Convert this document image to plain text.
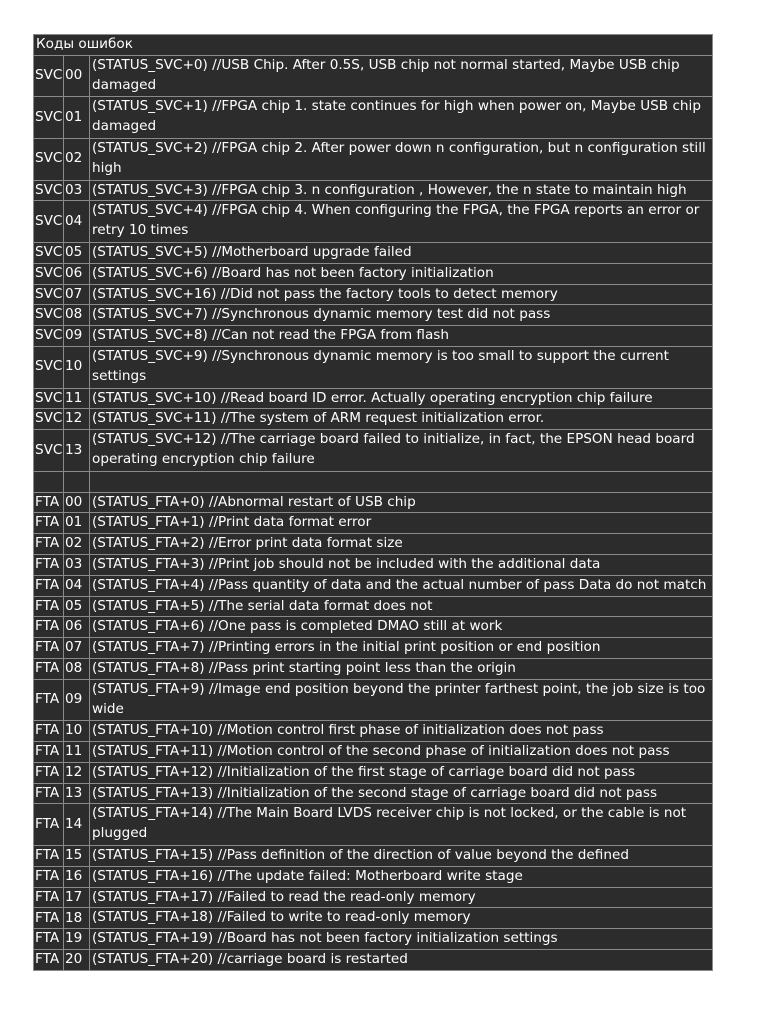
Коды ошибок
SVC 00
(STATUS_SVC+0) //USB Chip. After 0.5S, USB chip not normal started, Maybe USB chip damaged
SVC 01
(STATUS_SVC+1) //FPGA chip 1. state continues for high when power on, Maybe USB chip damaged
SVC 02
(STATUS_SVC+2) //FPGA chip 2. After power down n configuration, but n configuration still high
SVC 03 (STATUS_SVC+3) //FPGA chip 3. n configuration , However, the n state to maintain high
SVC 04
(STATUS_SVC+4) //FPGA chip 4. When configuring the FPGA, the FPGA reports an error or retry 10 times
SVC 05 (STATUS_SVC+5) //Motherboard upgrade failed
SVC 06 (STATUS_SVC+6) //Board has not been factory initialization
SVC 07 (STATUS_SVC+16) //Did not pass the factory tools to detect memory
SVC 08 (STATUS_SVC+7) //Synchronous dynamic memory test did not pass
SVC 09 (STATUS_SVC+8) //Can not read the FPGA from flash
SVC 10
(STATUS_SVC+9) //Synchronous dynamic memory is too small to support the current settings
SVC 11 (STATUS_SVC+10) //Read board ID error. Actually operating encryption chip failure
SVC 12 (STATUS_SVC+11) //The system of ARM request initialization error.
SVC 13
(STATUS_SVC+12) //The carriage board failed to initialize, in fact, the EPSON head board operating encryption chip failure
FTA 00 (STATUS_FTA+0) //Abnormal restart of USB chip
FTA 01 (STATUS_FTA+1) //Print data format error
FTA 02 (STATUS_FTA+2) //Error print data format size
FTA 03 (STATUS_FTA+3) //Print job should not be included with the additional data
FTA 04 (STATUS_FTA+4) //Pass quantity of data and the actual number of pass Data do not match
FTA 05 (STATUS_FTA+5) //The serial data format does not
FTA 06 (STATUS_FTA+6) //One pass is completed DMAO still at work
FTA 07 (STATUS_FTA+7) //Printing errors in the initial print position or end position
FTA 08 (STATUS_FTA+8) //Pass print starting point less than the origin
FTA 09
(STATUS_FTA+9) //Image end position beyond the printer farthest point, the job size is too wide
FTA 10 (STATUS_FTA+10) //Motion control first phase of initialization does not pass
FTA 11 (STATUS_FTA+11) //Motion control of the second phase of initialization does not pass
FTA 12 (STATUS_FTA+12) //Initialization of the first stage of carriage board did not pass
FTA 13 (STATUS_FTA+13) //Initialization of the second stage of carriage board did not pass
FTA 14
(STATUS_FTA+14) //The Main Board LVDS receiver chip is not locked, or the cable is not plugged
FTA 15 (STATUS_FTA+15) //Pass definition of the direction of value beyond the defined
FTA 16 (STATUS_FTA+16) //The update failed: Motherboard write stage
FTA 17 (STATUS_FTA+17) //Failed to read the read-only memory
FTA 18 (STATUS_FTA+18) //Failed to write to read-only memory
FTA 19 (STATUS_FTA+19) //Board has not been factory initialization settings
FTA 20 (STATUS_FTA+20) //carriage board is restarted
